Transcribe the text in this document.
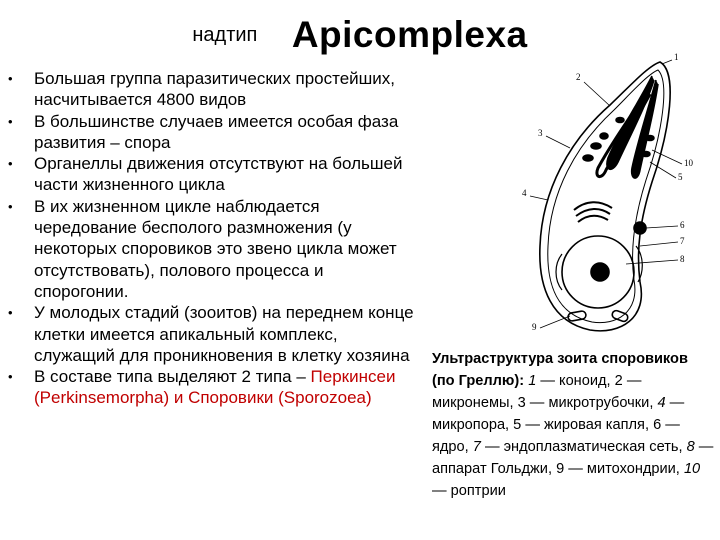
надтип Apicomplexa
• Большая группа паразитических простейших, насчитывается 4800 видов
• В большинстве случаев имеется особая фаза развития – спора
• Органеллы движения отсутствуют на большей части жизненного цикла
• В их жизненном цикле наблюдается чередование бесполого размножения (у некоторых споровиков это звено цикла может отсутствовать), полового процесса и спорогонии.
• У молодых стадий (зооитов) на переднем конце клетки имеется апикальный комплекс, служащий для проникновения в клетку хозяина
• В составе типа выделяют 2 типа – Перкинсеи (Perkinsemorpha) и Споровики (Sporozoea)
1
2
3
4
5
6
7
8
9
10
Ультраструктура зоита споровиков (по Греллю): 1 — коноид, 2 — микронемы, 3 — микротрубочки, 4 — микропора, 5 — жировая капля, 6 — ядро, 7 — эндоплазматическая сеть, 8 — аппарат Гольджи, 9 — митохондрии, 10 — роптрии
